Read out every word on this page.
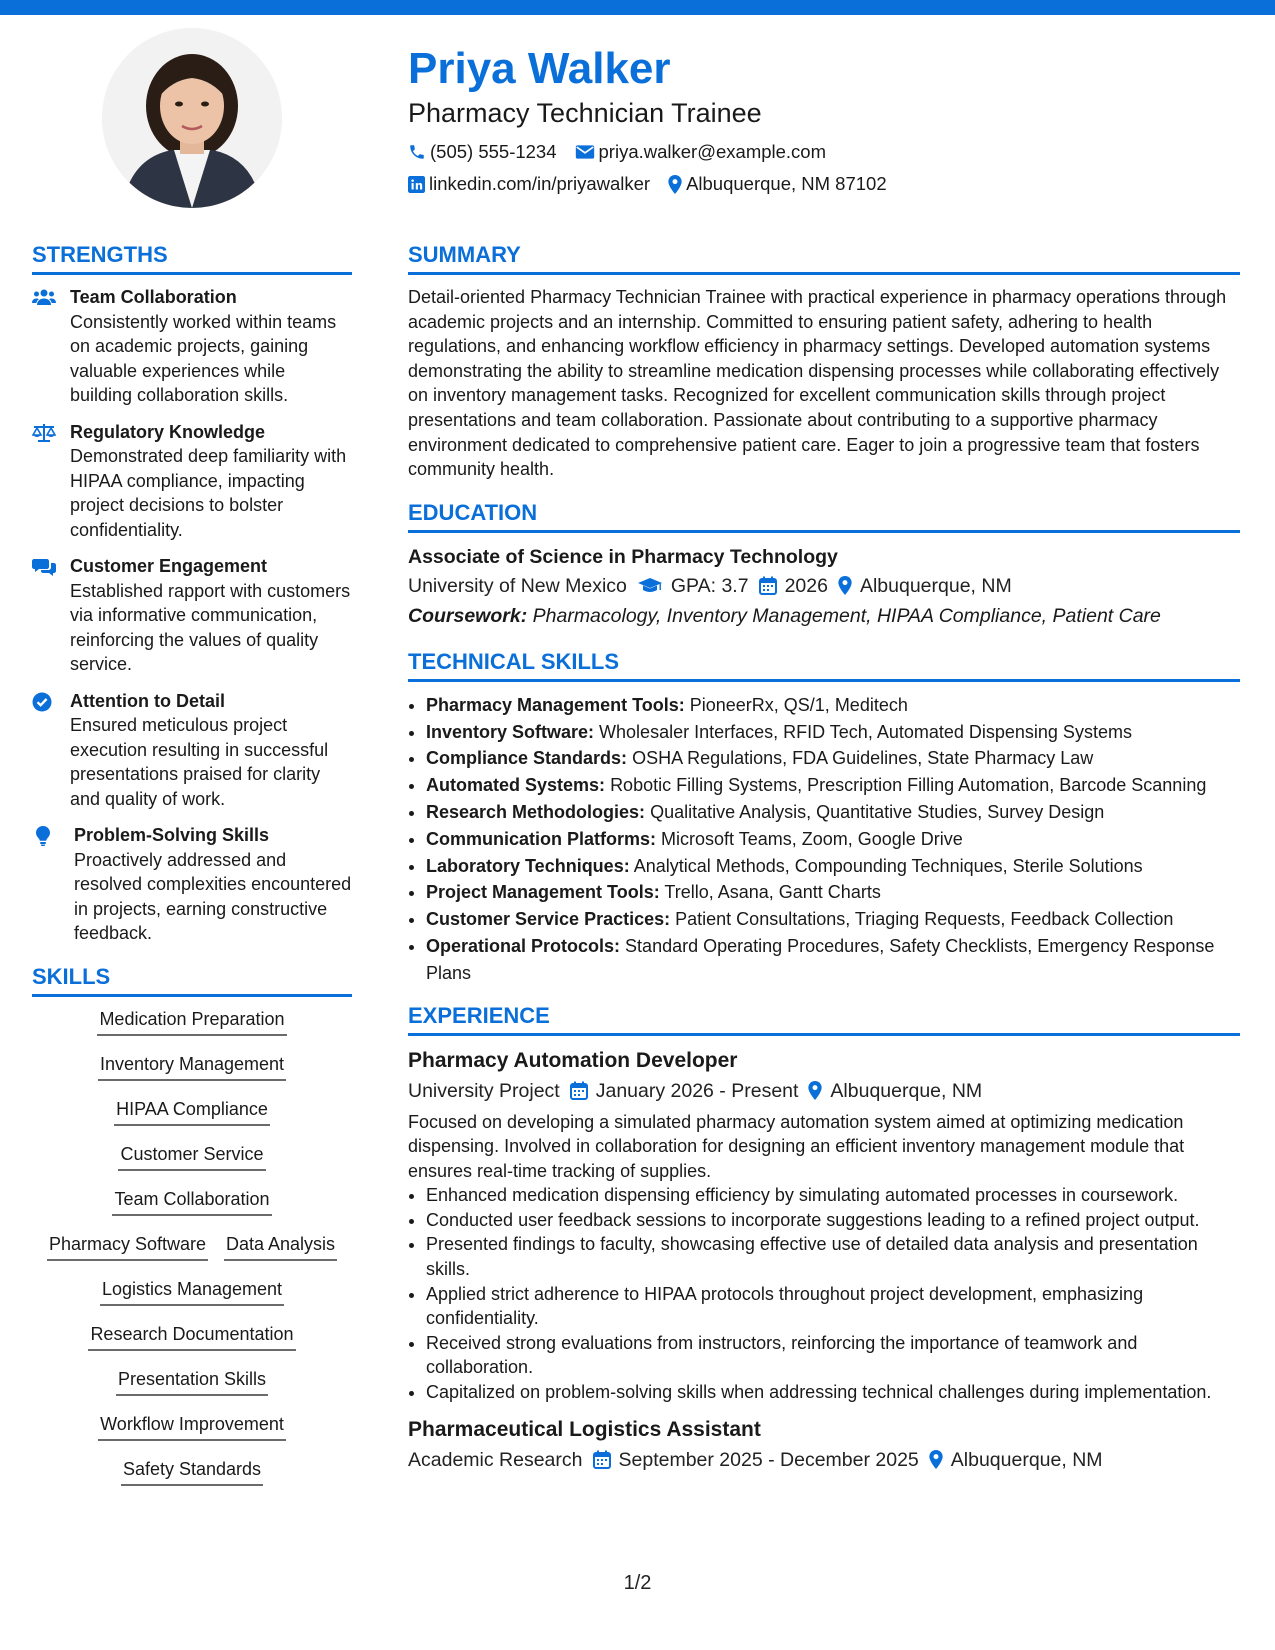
Priya Walker
Pharmacy Technician Trainee
(505) 555-1234 priya.walker@example.com
linkedin.com/in/priyawalker Albuquerque, NM 87102
STRENGTHS
Team Collaboration
Consistently worked within teams on academic projects, gaining valuable experiences while building collaboration skills.
Regulatory Knowledge
Demonstrated deep familiarity with HIPAA compliance, impacting project decisions to bolster confidentiality.
Customer Engagement
Established rapport with customers via informative communication, reinforcing the values of quality service.
Attention to Detail
Ensured meticulous project execution resulting in successful presentations praised for clarity and quality of work.
Problem-Solving Skills
Proactively addressed and resolved complexities encountered in projects, earning constructive feedback.
SKILLS
Medication Preparation
Inventory Management
HIPAA Compliance
Customer Service
Team Collaboration
Pharmacy Software Data Analysis
Logistics Management
Research Documentation
Presentation Skills
Workflow Improvement
Safety Standards
SUMMARY
Detail-oriented Pharmacy Technician Trainee with practical experience in pharmacy operations through academic projects and an internship. Committed to ensuring patient safety, adhering to health regulations, and enhancing workflow efficiency in pharmacy settings. Developed automation systems demonstrating the ability to streamline medication dispensing processes while collaborating effectively on inventory management tasks. Recognized for excellent communication skills through project presentations and team collaboration. Passionate about contributing to a supportive pharmacy environment dedicated to comprehensive patient care. Eager to join a progressive team that fosters community health.
EDUCATION
Associate of Science in Pharmacy Technology
University of New Mexico GPA: 3.7 2026 Albuquerque, NM
Coursework: Pharmacology, Inventory Management, HIPAA Compliance, Patient Care
TECHNICAL SKILLS
• Pharmacy Management Tools: PioneerRx, QS/1, Meditech
• Inventory Software: Wholesaler Interfaces, RFID Tech, Automated Dispensing Systems
• Compliance Standards: OSHA Regulations, FDA Guidelines, State Pharmacy Law
• Automated Systems: Robotic Filling Systems, Prescription Filling Automation, Barcode Scanning
• Research Methodologies: Qualitative Analysis, Quantitative Studies, Survey Design
• Communication Platforms: Microsoft Teams, Zoom, Google Drive
• Laboratory Techniques: Analytical Methods, Compounding Techniques, Sterile Solutions
• Project Management Tools: Trello, Asana, Gantt Charts
• Customer Service Practices: Patient Consultations, Triaging Requests, Feedback Collection
• Operational Protocols: Standard Operating Procedures, Safety Checklists, Emergency Response Plans
EXPERIENCE
Pharmacy Automation Developer
University Project January 2026 - Present Albuquerque, NM
Focused on developing a simulated pharmacy automation system aimed at optimizing medication dispensing. Involved in collaboration for designing an efficient inventory management module that ensures real-time tracking of supplies.
• Enhanced medication dispensing efficiency by simulating automated processes in coursework.
• Conducted user feedback sessions to incorporate suggestions leading to a refined project output.
• Presented findings to faculty, showcasing effective use of detailed data analysis and presentation skills.
• Applied strict adherence to HIPAA protocols throughout project development, emphasizing confidentiality.
• Received strong evaluations from instructors, reinforcing the importance of teamwork and collaboration.
• Capitalized on problem-solving skills when addressing technical challenges during implementation.
Pharmaceutical Logistics Assistant
Academic Research September 2025 - December 2025 Albuquerque, NM
1/2
